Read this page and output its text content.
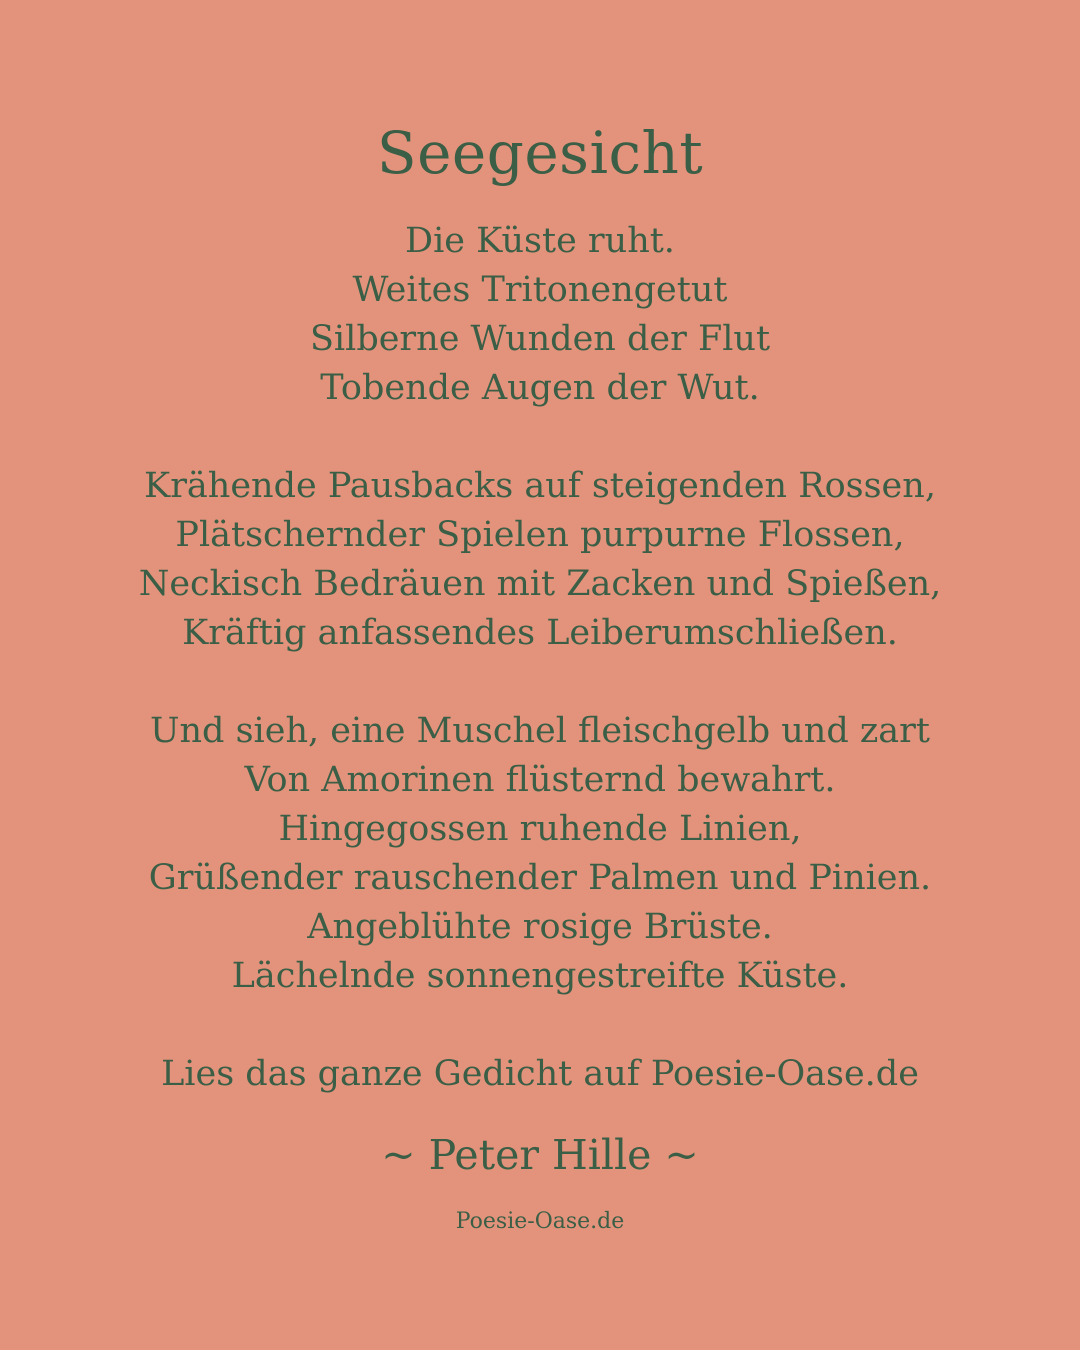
Seegesicht
Die Küste ruht.
Weites Tritonengetut
Silberne Wunden der Flut
Tobende Augen der Wut.
Krähende Pausbacks auf steigenden Rossen,
Plätschernder Spielen purpurne Flossen,
Neckisch Bedräuen mit Zacken und Spießen,
Kräftig anfassendes Leiberumschließen.
Und sieh, eine Muschel fleischgelb und zart
Von Amorinen flüsternd bewahrt.
Hingegossen ruhende Linien,
Grüßender rauschender Palmen und Pinien.
Angeblühte rosige Brüste.
Lächelnde sonnengestreifte Küste.
Lies das ganze Gedicht auf Poesie-Oase.de
~ Peter Hille ~
Poesie-Oase.de
